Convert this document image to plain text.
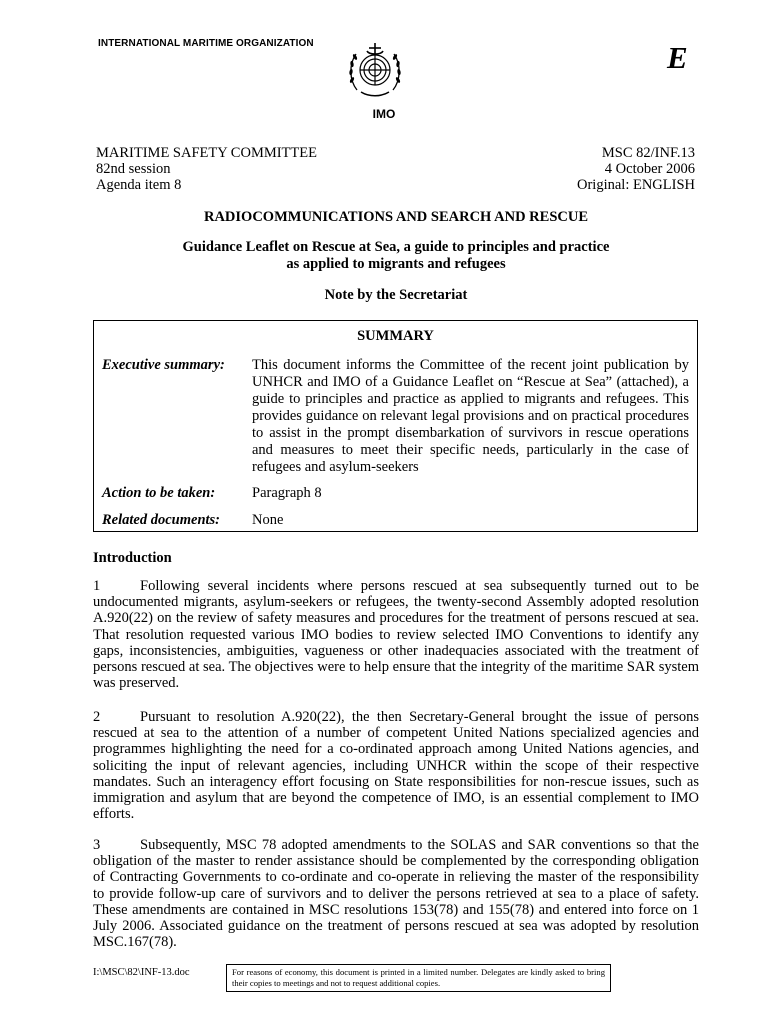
INTERNATIONAL MARITIME ORGANIZATION	E
IMO
MARITIME SAFETY COMMITTEE
82nd session
Agenda item 8
MSC 82/INF.13
4 October 2006
Original: ENGLISH
RADIOCOMMUNICATIONS AND SEARCH AND RESCUE
Guidance Leaflet on Rescue at Sea, a guide to principles and practice
as applied to migrants and refugees
Note by the Secretariat
SUMMARY
Executive summary: This document informs the Committee of the recent joint publication by UNHCR and IMO of a Guidance Leaflet on “Rescue at Sea” (attached), a guide to principles and practice as applied to migrants and refugees. This provides guidance on relevant legal provisions and on practical procedures to assist in the prompt disembarkation of survivors in rescue operations and measures to meet their specific needs, particularly in the case of refugees and asylum-seekers
Action to be taken:	Paragraph 8
Related documents: None
Introduction

1	Following several incidents where persons rescued at sea subsequently turned out to be undocumented migrants, asylum-seekers or refugees, the twenty-second Assembly adopted resolution A.920(22) on the review of safety measures and procedures for the treatment of persons rescued at sea. That resolution requested various IMO bodies to review selected IMO Conventions to identify any gaps, inconsistencies, ambiguities, vagueness or other inadequacies associated with the treatment of persons rescued at sea. The objectives were to help ensure that the integrity of the maritime SAR system was preserved.

2	Pursuant to resolution A.920(22), the then Secretary-General brought the issue of persons rescued at sea to the attention of a number of competent United Nations specialized agencies and programmes highlighting the need for a co-ordinated approach among United Nations agencies, and soliciting the input of relevant agencies, including UNHCR within the scope of their respective mandates. Such an interagency effort focusing on State responsibilities for non-rescue issues, such as immigration and asylum that are beyond the competence of IMO, is an essential complement to IMO efforts.

3	Subsequently, MSC 78 adopted amendments to the SOLAS and SAR conventions so that the obligation of the master to render assistance should be complemented by the corresponding obligation of Contracting Governments to co-ordinate and co-operate in relieving the master of the responsibility to provide follow-up care of survivors and to deliver the persons retrieved at sea to a place of safety. These amendments are contained in MSC resolutions 153(78) and 155(78) and entered into force on 1 July 2006. Associated guidance on the treatment of persons rescued at sea was adopted by resolution MSC.167(78).

I:\MSC\82\INF-13.doc	For reasons of economy, this document is printed in a limited number. Delegates are kindly asked to bring their copies to meetings and not to request additional copies.
